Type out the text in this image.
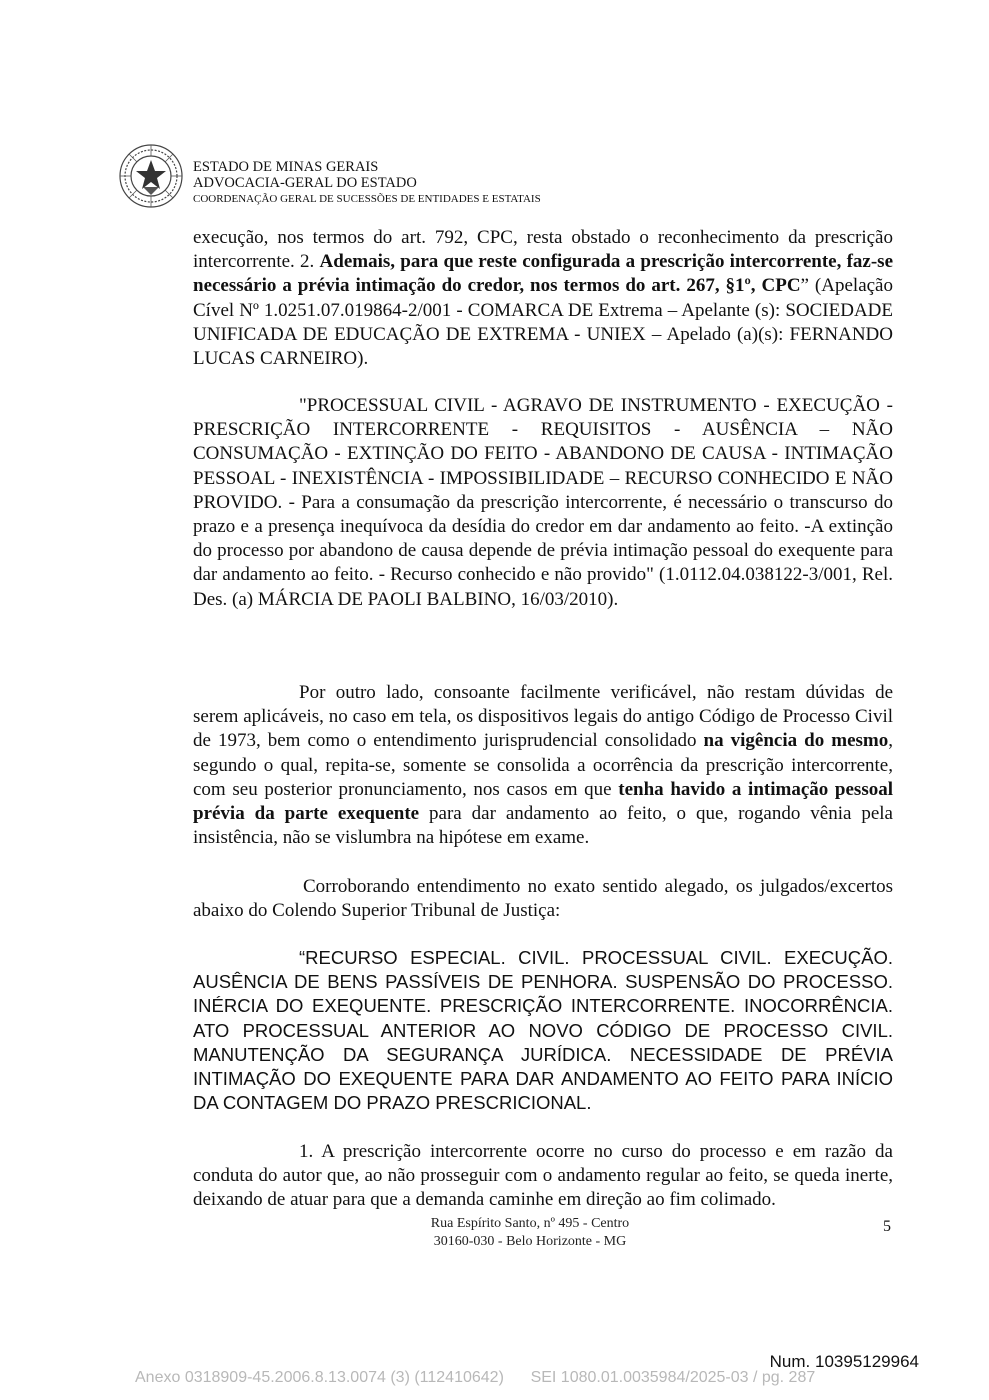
ESTADO DE MINAS GERAIS
ADVOCACIA-GERAL DO ESTADO
COORDENAÇÃO GERAL DE SUCESSÕES DE ENTIDADES E ESTATAIS
execução, nos termos do art. 792, CPC, resta obstado o reconhecimento da prescrição intercorrente. 2. Ademais, para que reste configurada a prescrição intercorrente, faz-se necessário a prévia intimação do credor, nos termos do art. 267, §1º, CPC” (Apelação Cível Nº 1.0251.07.019864-2/001 - COMARCA DE Extrema – Apelante (s): SOCIEDADE UNIFICADA DE EDUCAÇÃO DE EXTREMA - UNIEX – Apelado (a)(s): FERNANDO LUCAS CARNEIRO).
"PROCESSUAL CIVIL - AGRAVO DE INSTRUMENTO - EXECUÇÃO - PRESCRIÇÃO INTERCORRENTE - REQUISITOS - AUSÊNCIA – NÃO CONSUMAÇÃO - EXTINÇÃO DO FEITO - ABANDONO DE CAUSA - INTIMAÇÃO PESSOAL - INEXISTÊNCIA - IMPOSSIBILIDADE – RECURSO CONHECIDO E NÃO PROVIDO. - Para a consumação da prescrição intercorrente, é necessário o transcurso do prazo e a presença inequívoca da desídia do credor em dar andamento ao feito. -A extinção do processo por abandono de causa depende de prévia intimação pessoal do exequente para dar andamento ao feito. - Recurso conhecido e não provido" (1.0112.04.038122-3/001, Rel. Des. (a) MÁRCIA DE PAOLI BALBINO, 16/03/2010).
Por outro lado, consoante facilmente verificável, não restam dúvidas de serem aplicáveis, no caso em tela, os dispositivos legais do antigo Código de Processo Civil de 1973, bem como o entendimento jurisprudencial consolidado na vigência do mesmo, segundo o qual, repita-se, somente se consolida a ocorrência da prescrição intercorrente, com seu posterior pronunciamento, nos casos em que tenha havido a intimação pessoal prévia da parte exequente para dar andamento ao feito, o que, rogando vênia pela insistência, não se vislumbra na hipótese em exame.
Corroborando entendimento no exato sentido alegado, os julgados/excertos abaixo do Colendo Superior Tribunal de Justiça:
“RECURSO ESPECIAL. CIVIL. PROCESSUAL CIVIL. EXECUÇÃO. AUSÊNCIA DE BENS PASSÍVEIS DE PENHORA. SUSPENSÃO DO PROCESSO. INÉRCIA DO EXEQUENTE. PRESCRIÇÃO INTERCORRENTE. INOCORRÊNCIA. ATO PROCESSUAL ANTERIOR AO NOVO CÓDIGO DE PROCESSO CIVIL. MANUTENÇÃO DA SEGURANÇA JURÍDICA. NECESSIDADE DE PRÉVIA INTIMAÇÃO DO EXEQUENTE PARA DAR ANDAMENTO AO FEITO PARA INÍCIO DA CONTAGEM DO PRAZO PRESCRICIONAL.
1. A prescrição intercorrente ocorre no curso do processo e em razão da conduta do autor que, ao não prosseguir com o andamento regular ao feito, se queda inerte, deixando de atuar para que a demanda caminhe em direção ao fim colimado.
Rua Espírito Santo, nº 495 - Centro
30160-030 - Belo Horizonte - MG
5
Num. 10395129964
Anexo 0318909-45.2006.8.13.0074 (3) (112410642)      SEI 1080.01.0035984/2025-03 / pg. 287
